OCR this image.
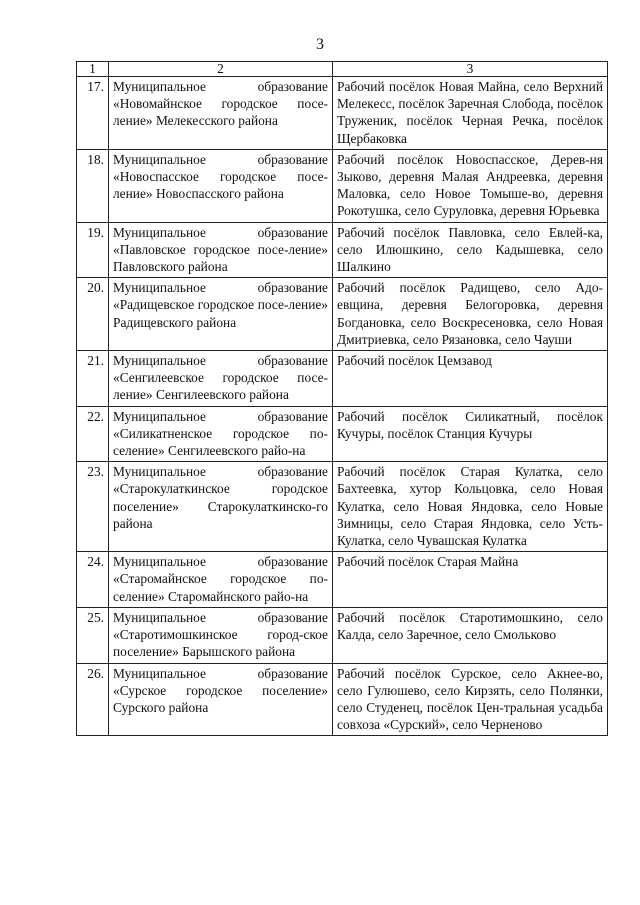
3
1	2	3
17.	Муниципальное образование «Новомайнское городское посе-ление» Мелекесского района	Рабочий посёлок Новая Майна, село Верхний Мелекесс, посёлок Заречная Слобода, посёлок Труженик, посёлок Черная Речка, посёлок Щербаковка
18.	Муниципальное образование «Новоспасское городское посе-ление» Новоспасского района	Рабочий посёлок Новоспасское, Дерев-ня Зыково, деревня Малая Андреевка, деревня Маловка, село Новое Томыше-во, деревня Рокотушка, село Суруловка, деревня Юрьевка
19.	Муниципальное образование «Павловское городское посе-ление» Павловского района	Рабочий посёлок Павловка, село Евлей-ка, село Илюшкино, село Кадышевка, село Шалкино
20.	Муниципальное образование «Радищевское городское посе-ление» Радищевского района	Рабочий посёлок Радищево, село Адо-евщина, деревня Белогоровка, деревня Богдановка, село Воскресеновка, село Новая Дмитриевка, село Рязановка, село Чауши
21.	Муниципальное образование «Сенгилеевское городское посе-ление» Сенгилеевского района	Рабочий посёлок Цемзавод
22.	Муниципальное образование «Силикатненское городское по-селение» Сенгилеевского райо-на	Рабочий посёлок Силикатный, посёлок Кучуры, посёлок Станция Кучуры
23.	Муниципальное образование «Старокулаткинское городское поселение» Старокулаткинско-го района	Рабочий посёлок Старая Кулатка, село Бахтеевка, хутор Кольцовка, село Новая Кулатка, село Новая Яндовка, село Новые Зимницы, село Старая Яндовка, село Усть-Кулатка, село Чувашская Кулатка
24.	Муниципальное образование «Старомайнское городское по-селение» Старомайнского райо-на	Рабочий посёлок Старая Майна
25.	Муниципальное образование «Старотимошкинское город-ское поселение» Барышского района	Рабочий посёлок Старотимошкино, село Калда, село Заречное, село Смольково
26.	Муниципальное образование «Сурское городское поселение» Сурского района	Рабочий посёлок Сурское, село Акнее-во, село Гулюшево, село Кирзять, село Полянки, село Студенец, посёлок Цен-тральная усадьба совхоза «Сурский», село Черненово
